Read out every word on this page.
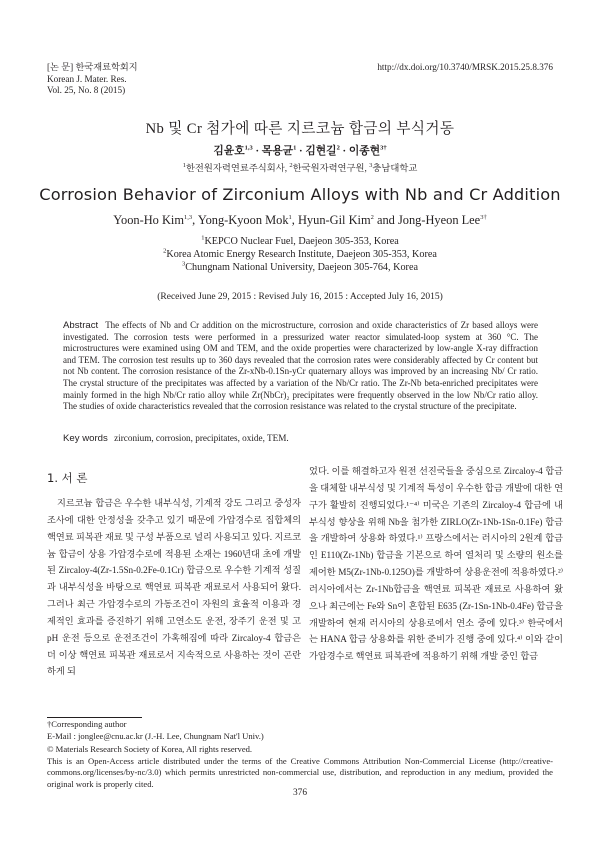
[논 문] 한국재료학회지
Korean J. Mater. Res.
Vol. 25, No. 8 (2015)
http://dx.doi.org/10.3740/MRSK.2015.25.8.376
Nb 및 Cr 첨가에 따른 지르코늄 합금의 부식거동
김윤호$^{1,3}$ · 목용균$^1$ · 김현길$^2$ · 이종현$^{3\dagger}$
$^1$한전원자력연료주식회사, $^2$한국원자력연구원, $^3$충남대학교
Corrosion Behavior of Zirconium Alloys with Nb and Cr Addition
Yoon-Ho Kim$^{1,3}$, Yong-Kyoon Mok$^1$, Hyun-Gil Kim$^2$ and Jong-Hyeon Lee$^{3\dagger}$
$^1$KEPCO Nuclear Fuel, Daejeon 305-353, Korea
$^2$Korea Atomic Energy Research Institute, Daejeon 305-353, Korea
$^3$Chungnam National University, Daejeon 305-764, Korea
(Received June 29, 2015 : Revised July 16, 2015 : Accepted July 16, 2015)
Abstract The effects of Nb and Cr addition on the microstructure, corrosion and oxide characteristics of Zr based alloys were investigated. The corrosion tests were performed in a pressurized water reactor simulated-loop system at 360 °C. The microstructures were examined using OM and TEM, and the oxide properties were characterized by low-angle X-ray diffraction and TEM. The corrosion test results up to 360 days revealed that the corrosion rates were considerably affected by Cr content but not Nb content. The corrosion resistance of the Zr-xNb-0.1Sn-yCr quaternary alloys was improved by an increasing Nb/ Cr ratio. The crystal structure of the precipitates was affected by a variation of the Nb/Cr ratio. The Zr-Nb beta-enriched precipitates were mainly formed in the high Nb/Cr ratio alloy while Zr(NbCr)₂ precipitates were frequently observed in the low Nb/Cr ratio alloy. The studies of oxide characteristics revealed that the corrosion resistance was related to the crystal structure of the precipitate.
Key words zirconium, corrosion, precipitates, oxide, TEM.
1. 서 론

지르코늄 합금은 우수한 내부식성, 기계적 강도 그리고 중성자 조사에 대한 안정성을 갖추고 있기 때문에 가압경수로 집합체의 핵연료 피복관 재료 및 구성 부품으로 널리 사용되고 있다. 지르코늄 합금이 상용 가압경수로에 적용된 소재는 1960년대 초에 개발된 Zircaloy-4(Zr-1.5Sn-0.2Fe-0.1Cr) 합금으로 우수한 기계적 성질과 내부식성을 바탕으로 핵연료 피복관 재료로서 사용되어 왔다. 그러나 최근 가압경수로의 가동조건이 자원의 효율적 이용과 경제적인 효과를 증진하기 위해 고연소도 운전, 장주기 운전 및 고 pH 운전 등으로 운전조건이 가혹해짐에 따라 Zircaloy-4 합금은 더 이상 핵연료 피복관 재료로서 지속적으로 사용하는 것이 곤란하게 되

었다. 이를 해결하고자 원전 선진국들을 중심으로 Zircaloy-4 합금을 대체할 내부식성 및 기계적 특성이 우수한 합금 개발에 대한 연구가 활발히 진행되었다.¹⁻⁴⁾ 미국은 기존의 Zircaloy-4 합금에 내부식성 향상을 위해 Nb을 첨가한 ZIRLO(Zr-1Nb-1Sn-0.1Fe) 합금을 개발하여 상용화 하였다.¹⁾ 프랑스에서는 러시아의 2원계 합금인 E110(Zr-1Nb) 합금을 기본으로 하여 열처리 및 소량의 원소를 제어한 M5(Zr-1Nb-0.125O)를 개발하여 상용운전에 적용하였다.²⁾ 러시아에서는 Zr-1Nb합금을 핵연료 피복관 재료로 사용하여 왔으나 최근에는 Fe와 Sn이 혼합된 E635 (Zr-1Sn-1Nb-0.4Fe) 합금을 개발하여 현재 러시아의 상용로에서 연소 중에 있다.³⁾ 한국에서는 HANA 합금 상용화를 위한 준비가 진행 중에 있다.⁴⁾ 이와 같이 가압경수로 핵연료 피복관에 적용하기 위해 개발 중인 합금

†Corresponding author
E-Mail : jonglee@cnu.ac.kr (J.-H. Lee, Chungnam Nat'l Univ.)
© Materials Research Society of Korea, All rights reserved.
This is an Open-Access article distributed under the terms of the Creative Commons Attribution Non-Commercial License (http://creative-commons.org/licenses/by-nc/3.0) which permits unrestricted non-commercial use, distribution, and reproduction in any medium, provided the original work is properly cited.
376
